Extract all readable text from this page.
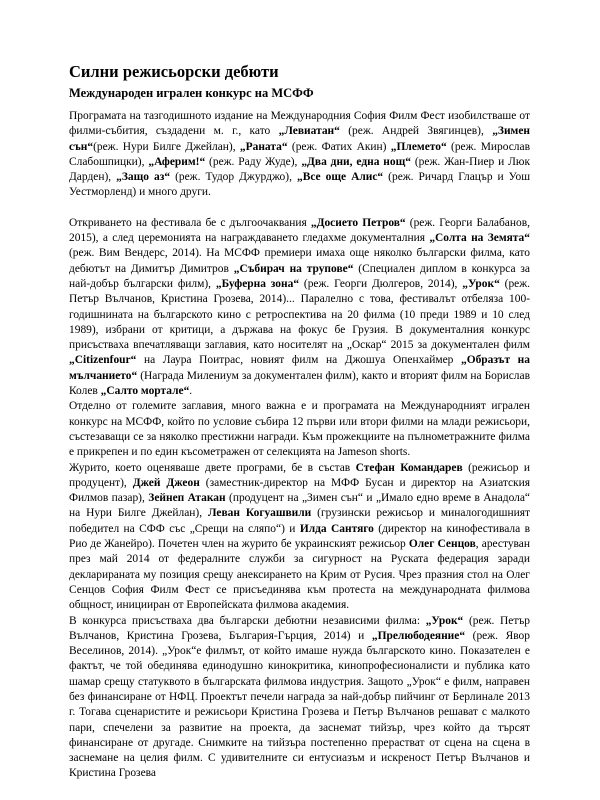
Силни режисьорски дебюти
Международен игрален конкурс на МСФФ

Програмата на тазгодишното издание на Международния София Филм Фест изобилстваше от филми-събития, създадени м. г., като „Левиатан“ (реж. Андрей Звягинцев), „Зимен сън“(реж. Нури Билге Джейлан), „Раната“ (реж. Фатих Акин) „Племето“ (реж. Мирослав Слабошпицки), „Аферим!“ (реж. Раду Жуде), „Два дни, една нощ“ (реж. Жан-Пиер и Люк Дарден), „Защо аз“ (реж. Тудор Джурджо), „Все още Алис“ (реж. Ричард Глацър и Уош Уестморленд) и много други.

Откриването на фестивала бе с дългоочаквания „Досието Петров“ (реж. Георги Балабанов, 2015), а след церемонията на награждаването гледахме документалния „Солта на Земята“ (реж. Вим Вендерс, 2014). На МСФФ премиери имаха още няколко български филма, като дебютът на Димитър Димитров „Събирач на трупове“ (Специален диплом в конкурса за най-добър български филм), „Буферна зона“ (реж. Георги Дюлгеров, 2014), „Урок“ (реж. Петър Вълчанов, Кристина Грозева, 2014)... Паралелно с това, фестивалът отбеляза 100-годишнината на българското кино с ретроспектива на 20 филма (10 преди 1989 и 10 след 1989), избрани от критици, а държава на фокус бе Грузия. В документалния конкурс присъстваха впечатляващи заглавия, като носителят на „Оскар“ 2015 за документален филм „Citizenfour“ на Лаура Поитрас, новият филм на Джошуа Опенхаймер „Образът на мълчанието“ (Награда Милениум за документален филм), както и вторият филм на Борислав Колев „Салто мортале“.

Отделно от големите заглавия, много важна е и програмата на Международният игрален конкурс на МСФФ, който по условие събира 12 първи или втори филми на млади режисьори, състезаващи се за няколко престижни награди. Към прожекциите на пълнометражните филма е прикрепен и по един късометражен от селекцията на Jameson shorts.

Журито, което оценяваше двете програми, бе в състав Стефан Командарев (режисьор и продуцент), Джей Джеон (заместник-директор на МФФ Бусан и директор на Азиатския Филмов пазар), Зейнеп Атакан (продуцент на „Зимен сън“ и „Имало едно време в Анадола“ на Нури Билге Джейлан), Леван Когуашвили (грузински режисьор и миналогодишният победител на СФФ със „Срещи на сляпо“) и Илда Сантяго (директор на кинофестивала в Рио де Жанейро). Почетен член на журито бе украинският режисьор Олег Сенцов, арестуван през май 2014 от федералните служби за сигурност на Руската федерация заради декларираната му позиция срещу анексирането на Крим от Русия. Чрез празния стол на Олег Сенцов София Филм Фест се присъединява към протеста на международната филмова общност, иницииран от Европейската филмова академия.

В конкурса присъстваха два български дебютни независими филма: „Урок“ (реж. Петър Вълчанов, Кристина Грозева, България-Гърция, 2014) и „Прелюбодеяние“ (реж. Явор Веселинов, 2014). „Урок“е филмът, от който имаше нужда българското кино. Показателен е фактът, че той обединява единодушно кинокритика, кинопрофесионалисти и публика като шамар срещу статуквото в българската филмова индустрия. Защото „Урок“ е филм, направен без финансиране от НФЦ. Проектът печели награда за най-добър пийчинг от Берлинале 2013 г. Тогава сценаристите и режисьори Кристина Грозева и Петър Вълчанов решават с малкото пари, спечелени за развитие на проекта, да заснемат тийзър, чрез който да търсят финансиране от другаде. Снимките на тийзъра постепенно прерастват от сцена на сцена в заснемане на целия филм. С удивителните си ентусиазъм и искреност Петър Вълчанов и Кристина Грозева
